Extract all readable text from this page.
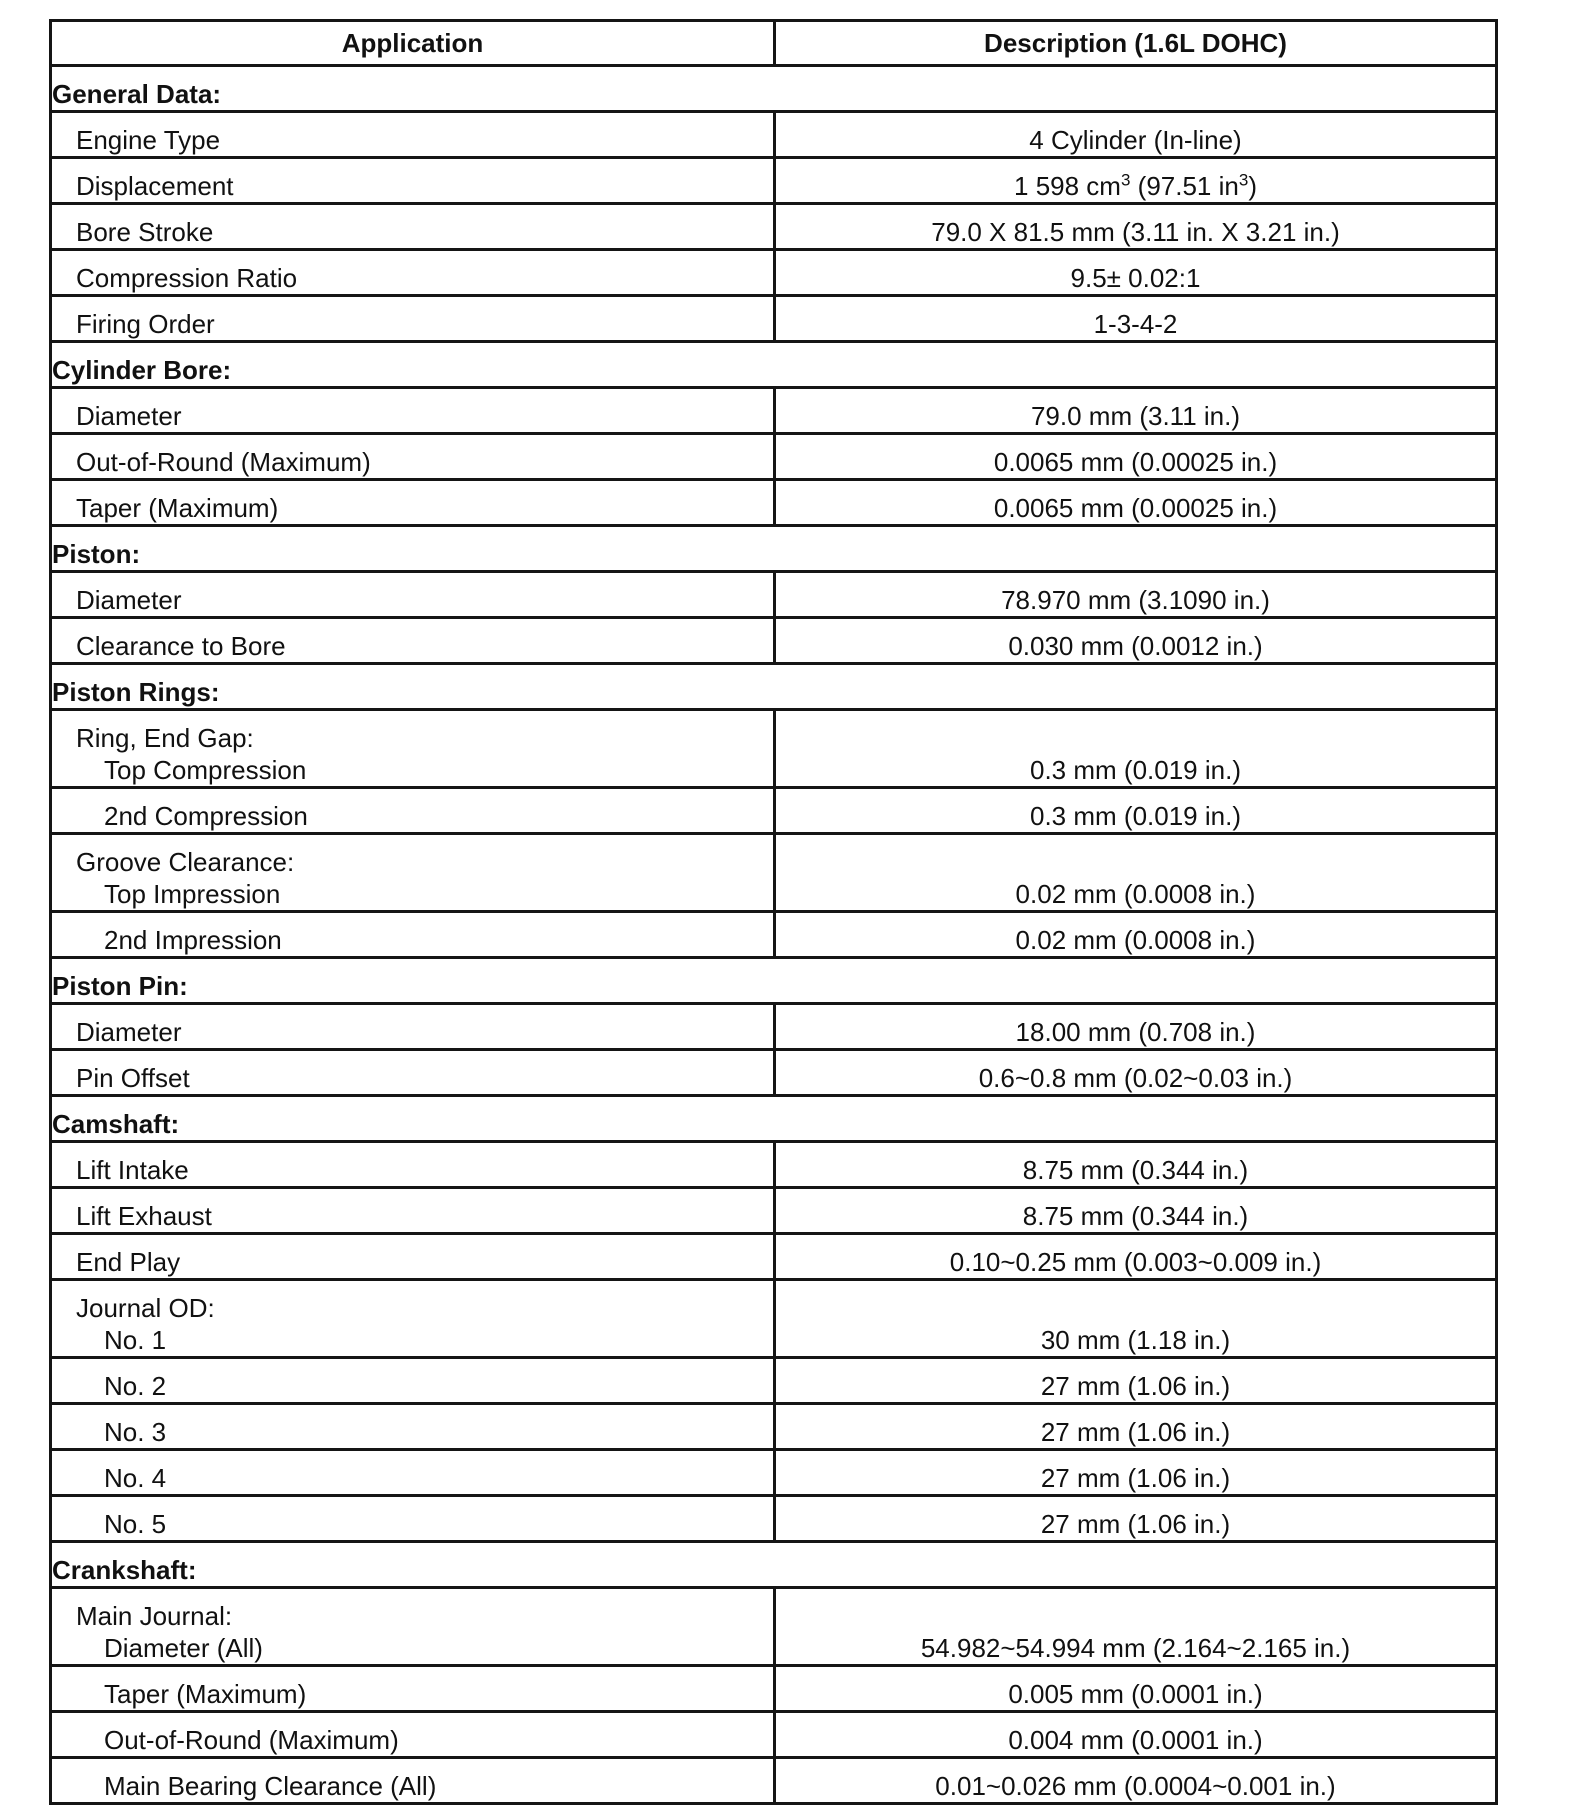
Application	Description (1.6L DOHC)
General Data:	
Engine Type	4 Cylinder (In-line)
Displacement	1 598 $cm^3$ (97.51 $in^3$)
Bore Stroke	79.0 X 81.5 mm (3.11 in. X 3.21 in.)
Compression Ratio	9.5± 0.02:1
Firing Order	1-3-4-2
Cylinder Bore:	
Diameter	79.0 mm (3.11 in.)
Out-of-Round (Maximum)	0.0065 mm (0.00025 in.)
Taper (Maximum)	0.0065 mm (0.00025 in.)
Piston:	
Diameter	78.970 mm (3.1090 in.)
Clearance to Bore	0.030 mm (0.0012 in.)
Piston Rings:	

Ring, End Gap:
Top Compression	0.3 mm (0.019 in.)
2nd Compression	0.3 mm (0.019 in.)

Groove Clearance:
Top Impression	0.02 mm (0.0008 in.)
2nd Impression	0.02 mm (0.0008 in.)
Piston Pin:	
Diameter	18.00 mm (0.708 in.)
Pin Offset	0.6~0.8 mm (0.02~0.03 in.)
Camshaft:	
Lift Intake	8.75 mm (0.344 in.)
Lift Exhaust	8.75 mm (0.344 in.)
End Play	0.10~0.25 mm (0.003~0.009 in.)

Journal OD:
No. 1	30 mm (1.18 in.)
No. 2	27 mm (1.06 in.)
No. 3	27 mm (1.06 in.)
No. 4	27 mm (1.06 in.)
No. 5	27 mm (1.06 in.)
Crankshaft:	

Main Journal:
Diameter (All)	54.982~54.994 mm (2.164~2.165 in.)
Taper (Maximum)	0.005 mm (0.0001 in.)
Out-of-Round (Maximum)	0.004 mm (0.0001 in.)
Main Bearing Clearance (All)	0.01~0.026 mm (0.0004~0.001 in.)
